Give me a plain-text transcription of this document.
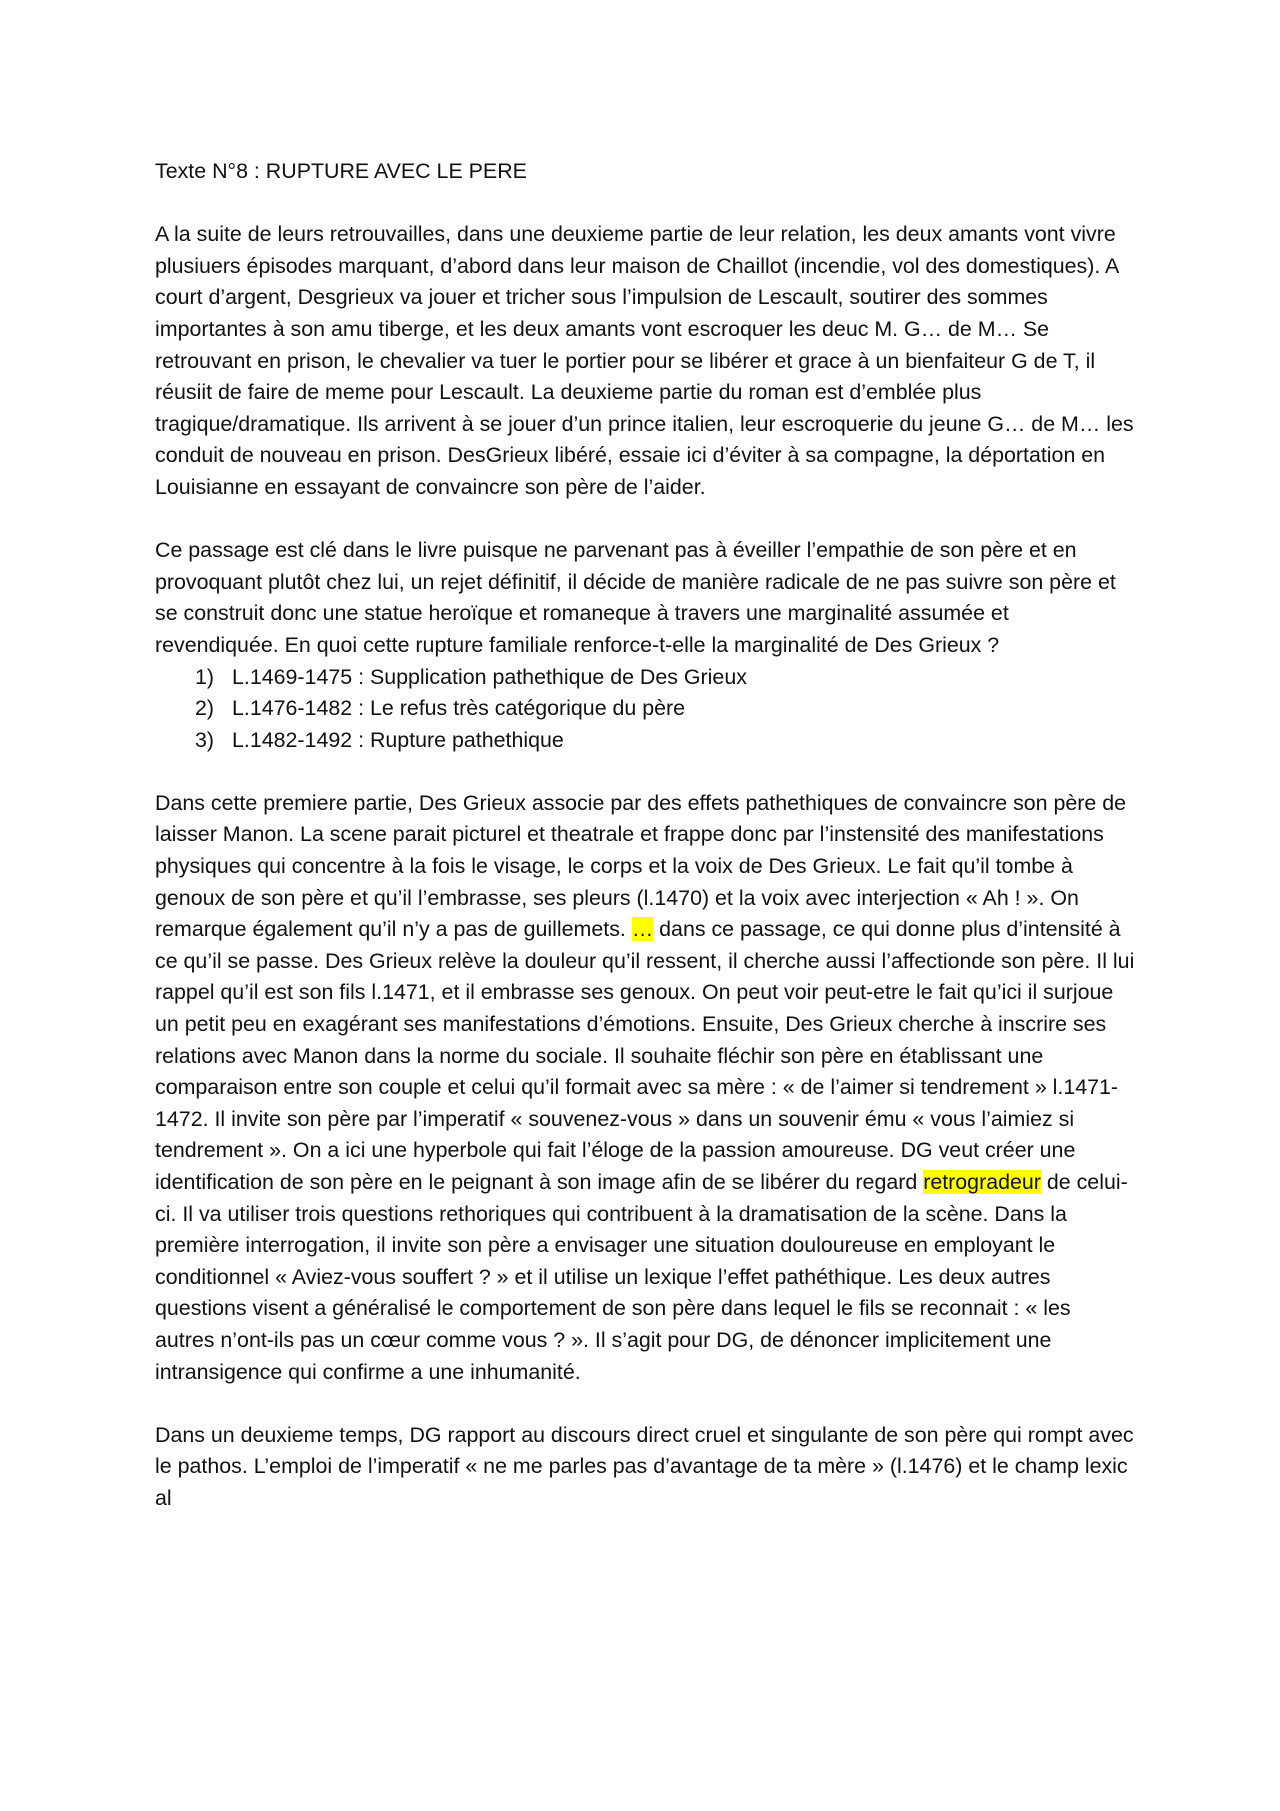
Texte N°8 : RUPTURE AVEC LE PERE

A la suite de leurs retrouvailles, dans une deuxieme partie de leur relation, les deux amants vont vivre plusiuers épisodes marquant, d’abord dans leur maison de Chaillot (incendie, vol des domestiques). A court d’argent, Desgrieux va jouer et tricher sous l’impulsion de Lescault, soutirer des sommes importantes à son amu tiberge, et les deux amants vont escroquer les deuc M. G… de M… Se retrouvant en prison, le chevalier va tuer le portier pour se libérer et grace à un bienfaiteur G de T, il réusiit de faire de meme pour Lescault. La deuxieme partie du roman est d’emblée plus tragique/dramatique. Ils arrivent à se jouer d’un prince italien, leur escroquerie du jeune G… de M… les conduit de nouveau en prison. DesGrieux libéré, essaie ici d’éviter à sa compagne, la déportation en Louisianne en essayant de convaincre son père de l’aider.

Ce passage est clé dans le livre puisque ne parvenant pas à éveiller l’empathie de son père et en provoquant plutôt chez lui, un rejet définitif, il décide de manière radicale de ne pas suivre son père et se construit donc une statue heroïque et romaneque à travers une marginalité assumée et revendiquée. En quoi cette rupture familiale renforce-t-elle la marginalité de Des Grieux ?

1) L.1469-1475 : Supplication pathethique de Des Grieux
2) L.1476-1482 : Le refus très catégorique du père
3) L.1482-1492 : Rupture pathethique

Dans cette premiere partie, Des Grieux associe par des effets pathethiques de convaincre son père de laisser Manon. La scene parait picturel et theatrale et frappe donc par l’instensité des manifestations physiques qui concentre à la fois le visage, le corps et la voix de Des Grieux. Le fait qu’il tombe à genoux de son père et qu’il l’embrasse, ses pleurs (l.1470) et la voix avec interjection « Ah ! ». On remarque également qu’il n’y a pas de guillemets. … dans ce passage, ce qui donne plus d’intensité à ce qu’il se passe. Des Grieux relève la douleur qu’il ressent, il cherche aussi l’affectionde son père. Il lui rappel qu’il est son fils l.1471, et il embrasse ses genoux. On peut voir peut-etre le fait qu’ici il surjoue un petit peu en exagérant ses manifestations d’émotions. Ensuite, Des Grieux cherche à inscrire ses relations avec Manon dans la norme du sociale. Il souhaite fléchir son père en établissant une comparaison entre son couple et celui qu’il formait avec sa mère : « de l’aimer si tendrement » l.1471-1472. Il invite son père par l’imperatif « souvenez-vous » dans un souvenir ému « vous l’aimiez si tendrement ». On a ici une hyperbole qui fait l’éloge de la passion amoureuse. DG veut créer une identification de son père en le peignant à son image afin de se libérer du regard retrogradeur de celui-ci. Il va utiliser trois questions rethoriques qui contribuent à la dramatisation de la scène. Dans la première interrogation, il invite son père a envisager une situation douloureuse en employant le conditionnel « Aviez-vous souffert ? » et il utilise un lexique l’effet pathéthique. Les deux autres questions visent a généralisé le comportement de son père dans lequel le fils se reconnait : « les autres n’ont-ils pas un cœur comme vous ? ». Il s’agit pour DG, de dénoncer implicitement une intransigence qui confirme a une inhumanité.

Dans un deuxieme temps, DG rapport au discours direct cruel et singulante de son père qui rompt avec le pathos. L’emploi de l’imperatif « ne me parles pas d’avantage de ta mère » (l.1476) et le champ lexic al
